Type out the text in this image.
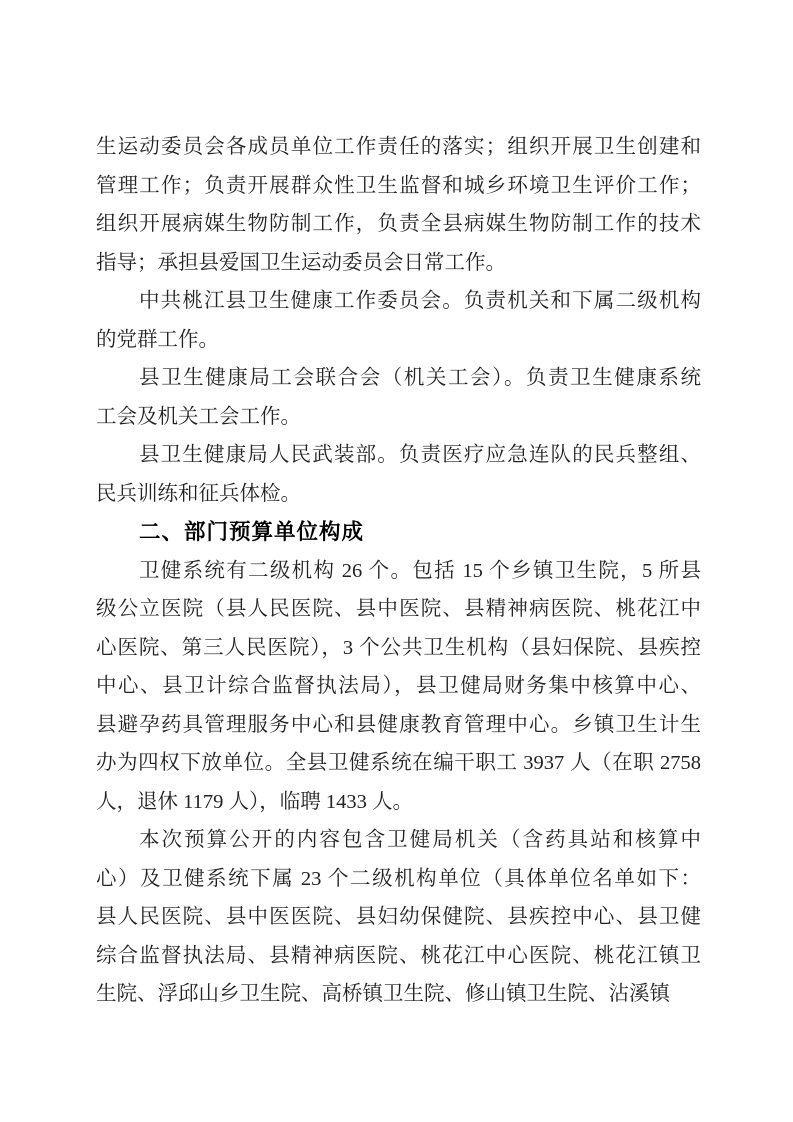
生运动委员会各成员单位工作责任的落实；组织开展卫生创建和
管理工作；负责开展群众性卫生监督和城乡环境卫生评价工作；
组织开展病媒生物防制工作，负责全县病媒生物防制工作的技术
指导；承担县爱国卫生运动委员会日常工作。
中共桃江县卫生健康工作委员会。负责机关和下属二级机构
的党群工作。
县卫生健康局工会联合会（机关工会）。负责卫生健康系统
工会及机关工会工作。
县卫生健康局人民武装部。负责医疗应急连队的民兵整组、
民兵训练和征兵体检。
二、部门预算单位构成
卫健系统有二级机构 26 个。包括 15 个乡镇卫生院，5 所县
级公立医院（县人民医院、县中医院、县精神病医院、桃花江中
心医院、第三人民医院），3 个公共卫生机构（县妇保院、县疾控
中心、县卫计综合监督执法局），县卫健局财务集中核算中心、
县避孕药具管理服务中心和县健康教育管理中心。乡镇卫生计生
办为四权下放单位。全县卫健系统在编干职工 3937 人（在职 2758
人，退休 1179 人），临聘 1433 人。
本次预算公开的内容包含卫健局机关（含药具站和核算中
心）及卫健系统下属 23 个二级机构单位（具体单位名单如下：
县人民医院、县中医医院、县妇幼保健院、县疾控中心、县卫健
综合监督执法局、县精神病医院、桃花江中心医院、桃花江镇卫
生院、浮邱山乡卫生院、高桥镇卫生院、修山镇卫生院、沾溪镇
